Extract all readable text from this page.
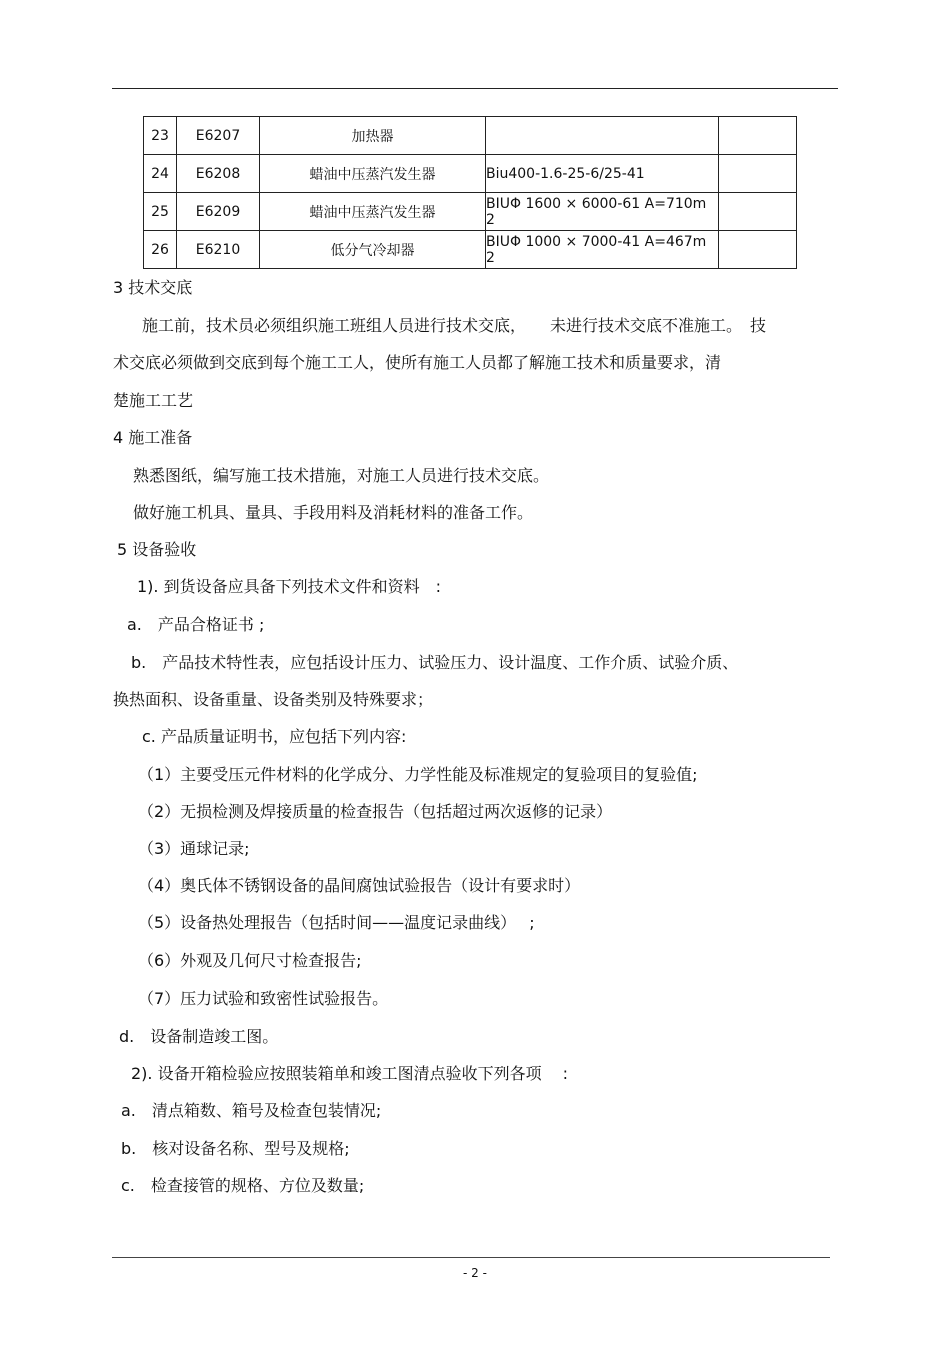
23	E6207	加热器		
24	E6208	蜡油中压蒸汽发生器	Biu400-1.6-25-6/25-41	
25	E6209	蜡油中压蒸汽发生器	BIUΦ 1600 × 6000-61 A=710m 2	
26	E6210	低分气冷却器	BIUΦ 1000 × 7000-41 A=467m 2	
3 技术交底
施工前，技术员必须组织施工班组人员进行技术交底，　　未进行技术交底不准施工。　技
术交底必须做到交底到每个施工工人，使所有施工人员都了解施工技术和质量要求，清
楚施工工艺
4 施工准备
熟悉图纸，编写施工技术措施，对施工人员进行技术交底。
做好施工机具、量具、手段用料及消耗材料的准备工作。
5 设备验收
1). 到货设备应具备下列技术文件和资料　:
a.　产品合格证书 ;
b.　产品技术特性表，应包括设计压力、试验压力、设计温度、工作介质、试验介质、
换热面积、设备重量、设备类别及特殊要求；
c. 产品质量证明书，应包括下列内容:
（1）主要受压元件材料的化学成分、力学性能及标准规定的复验项目的复验值;
（2）无损检测及焊接质量的检查报告（包括超过两次返修的记录）
（3）通球记录;
（4）奥氏体不锈钢设备的晶间腐蚀试验报告（设计有要求时）
（5）设备热处理报告（包括时间——温度记录曲线）　 ;
（6）外观及几何尺寸检查报告;
（7）压力试验和致密性试验报告。
d.　设备制造竣工图。
2). 设备开箱检验应按照装箱单和竣工图清点验收下列各项　 :
a.　清点箱数、箱号及检查包装情况;
b.　核对设备名称、型号及规格;
c.　检查接管的规格、方位及数量;
- 2 -
